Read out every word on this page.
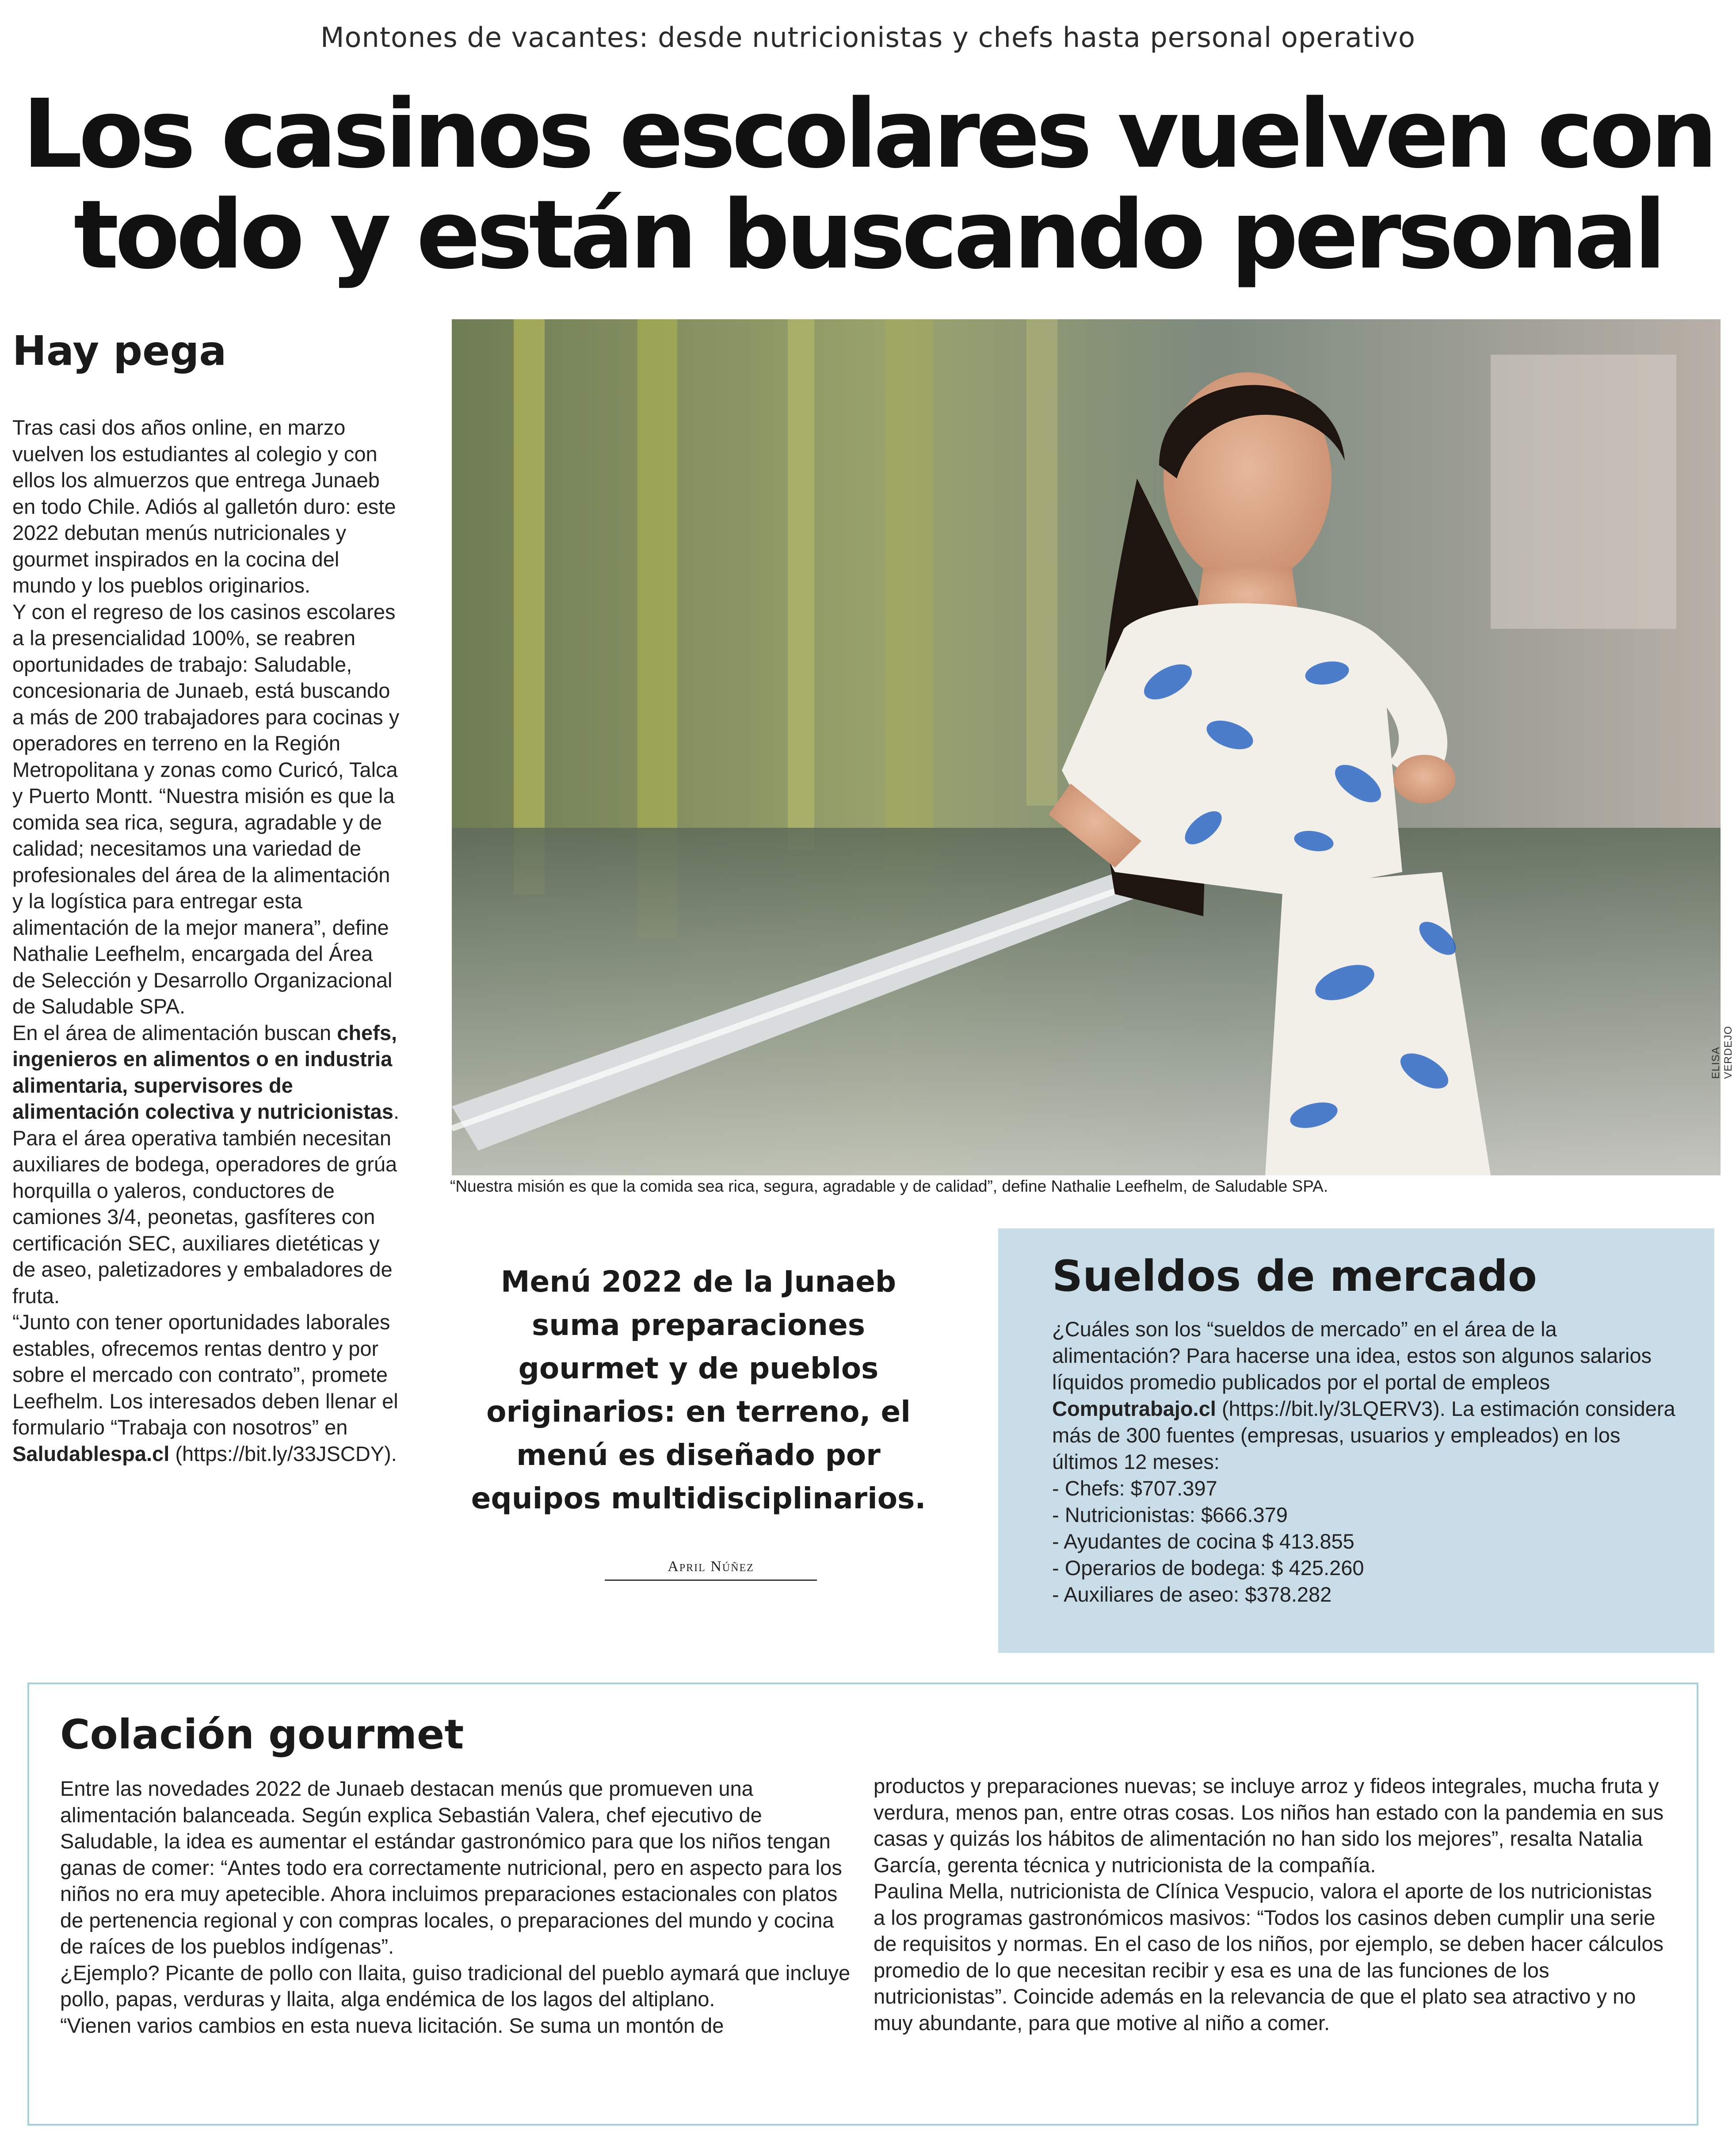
Montones de vacantes: desde nutricionistas y chefs hasta personal operativo
Los casinos escolares vuelven con
todo y están buscando personal
Hay pega

Tras casi dos años online, en marzo vuelven los estudiantes al colegio y con ellos los almuerzos que entrega Junaeb en todo Chile. Adiós al galletón duro: este 2022 debutan menús nutricionales y gourmet inspirados en la cocina del mundo y los pueblos originarios.

Y con el regreso de los casinos escolares a la presencialidad 100%, se reabren oportunidades de trabajo: Saludable, concesionaria de Junaeb, está buscando a más de 200 trabajadores para cocinas y operadores en terreno en la Región Metropolitana y zonas como Curicó, Talca y Puerto Montt. “Nuestra misión es que la comida sea rica, segura, agradable y de calidad; necesitamos una variedad de profesionales del área de la alimentación y la logística para entregar esta alimentación de la mejor manera”, define Nathalie Leefhelm, encargada del Área de Selección y Desarrollo Organizacional de Saludable SPA.

En el área de alimentación buscan chefs, ingenieros en alimentos o en industria alimentaria, supervisores de alimentación colectiva y nutricionistas. Para el área operativa también necesitan auxiliares de bodega, operadores de grúa horquilla o yaleros, conductores de camiones 3/4, peonetas, gasfíteres con certificación SEC, auxiliares dietéticas y de aseo, paletizadores y embaladores de fruta.

“Junto con tener oportunidades laborales estables, ofrecemos rentas dentro y por sobre el mercado con contrato”, promete Leefhelm. Los interesados deben llenar el formulario “Trabaja con nosotros” en Saludablespa.cl (https://bit.ly/33JSCDY).

ELISA VERDEJO
“Nuestra misión es que la comida sea rica, segura, agradable y de calidad”, define Nathalie Leefhelm, de Saludable SPA.
Menú 2022 de la Junaeb suma preparaciones gourmet y de pueblos originarios: en terreno, el menú es diseñado por equipos multidisciplinarios.
April Núñez
Sueldos de mercado

¿Cuáles son los “sueldos de mercado” en el área de la alimentación? Para hacerse una idea, estos son algunos salarios líquidos promedio publicados por el portal de empleos Computrabajo.cl (https://bit.ly/3LQERV3). La estimación considera más de 300 fuentes (empresas, usuarios y empleados) en los últimos 12 meses:

- Chefs: $707.397
- Nutricionistas: $666.379
- Ayudantes de cocina $ 413.855
- Operarios de bodega: $ 425.260
- Auxiliares de aseo: $378.282
Colación gourmet

Entre las novedades 2022 de Junaeb destacan menús que promueven una alimentación balanceada. Según explica Sebastián Valera, chef ejecutivo de Saludable, la idea es aumentar el estándar gastronómico para que los niños tengan ganas de comer: “Antes todo era correctamente nutricional, pero en aspecto para los niños no era muy apetecible. Ahora incluimos preparaciones estacionales con platos de pertenencia regional y con compras locales, o preparaciones del mundo y cocina de raíces de los pueblos indígenas”.

¿Ejemplo? Picante de pollo con llaita, guiso tradicional del pueblo aymará que incluye pollo, papas, verduras y llaita, alga endémica de los lagos del altiplano.

“Vienen varios cambios en esta nueva licitación. Se suma un montón de

productos y preparaciones nuevas; se incluye arroz y fideos integrales, mucha fruta y verdura, menos pan, entre otras cosas. Los niños han estado con la pandemia en sus casas y quizás los hábitos de alimentación no han sido los mejores”, resalta Natalia García, gerenta técnica y nutricionista de la compañía.

Paulina Mella, nutricionista de Clínica Vespucio, valora el aporte de los nutricionistas a los programas gastronómicos masivos: “Todos los casinos deben cumplir una serie de requisitos y normas. En el caso de los niños, por ejemplo, se deben hacer cálculos promedio de lo que necesitan recibir y esa es una de las funciones de los nutricionistas”. Coincide además en la relevancia de que el plato sea atractivo y no muy abundante, para que motive al niño a comer.
